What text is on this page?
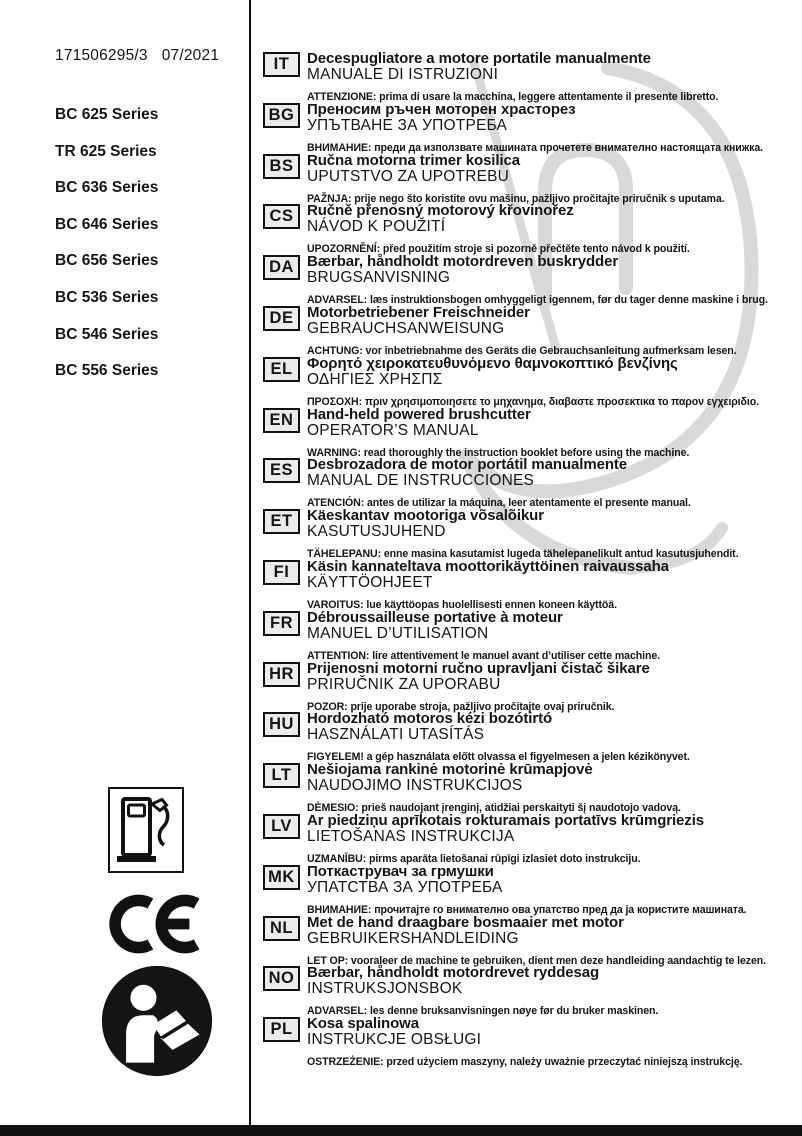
171506295/3 07/2021
BC 625 Series
TR 625 Series
BC 636 Series
BC 646 Series
BC 656 Series
BC 536 Series
BC 546 Series
BC 556 Series
IT	Decespugliatore a motore portatile manualmente
MANUALE DI ISTRUZIONI
ATTENZIONE: prima di usare la macchina, leggere attentamente il presente libretto.
BG Преносим ръчен моторен храсторез
УПЪТВАНЕ ЗА УПОТРЕБА
ВНИМАНИЕ: преди да използвате машината прочетете внимателно настоящата книжка.
BS Ručna motorna trimer kosilica
UPUTSTVO ZA UPOTREBU
PAŽNJA: prije nego što koristite ovu mašinu, pažljivo pročitajte priručnik s uputama.
CS Ručně přenosný motorový křovinořez
NÁVOD K POUŽITÍ
UPOZORNĚNÍ: před použitím stroje si pozorně přečtěte tento návod k použití.
DA Bærbar, håndholdt motordreven buskrydder
BRUGSANVISNING
ADVARSEL: læs instruktionsbogen omhyggeligt igennem, før du tager denne maskine i brug.
DE Motorbetriebener Freischneider
GEBRAUCHSANWEISUNG
ACHTUNG: vor inbetriebnahme des Geräts die Gebrauchsanleitung aufmerksam lesen.
EL Φορητό χειροκατευθυνόμενο θαμνοκοπτικό βενζίνης
ΟΔΗΓΙΕΣ ΧΡΗΣΠΣ
ΠΡΟΣΟΧΗ: πριν χρησιμοποιησετε το μηχανημα, διαβαστε προσεκτικα το παρον εγχειριδιο.
EN Hand-held powered brushcutter
OPERATOR’S MANUAL
WARNING: read thoroughly the instruction booklet before using the machine.
ES Desbrozadora de motor portátil manualmente
MANUAL DE INSTRUCCIONES
ATENCIÓN: antes de utilizar la máquina, leer atentamente el presente manual.
ET Käeskantav mootoriga võsalõikur
KASUTUSJUHEND
TÄHELEPANU: enne masina kasutamist lugeda tähelepanelikult antud kasutusjuhendit.
FI	Käsin kannateltava moottorikäyttöinen raivaussaha
KÄYTTÖOHJEET
VAROITUS: lue käyttöopas huolellisesti ennen koneen käyttöä.
FR Débroussailleuse portative à moteur
MANUEL D’UTILISATION
ATTENTION: lire attentivement le manuel avant d’utiliser cette machine.
HR Prijenosni motorni ručno upravljani čistač šikare
PRIRUČNIK ZA UPORABU
POZOR: prije uporabe stroja, pažljivo pročitajte ovaj priručnik.
HU Hordozható motoros kézi bozótirtó
HASZNÁLATI UTASÍTÁS
FIGYELEM! a gép használata előtt olvassa el figyelmesen a jelen kézikönyvet.
LT	Nešiojama rankinė motorinė krūmapjovė
NAUDOJIMO INSTRUKCIJOS
DĖMESIO: prieš naudojant įrenginį, atidžiai perskaityti šį naudotojo vadovą.
LV	Ar piedziņu aprīkotais rokturamais portatīvs krūmgriezis
LIETOŠANAS INSTRUKCIJA
UZMANĪBU: pirms aparāta lietošanai rūpīgi izlasiet doto instrukciju.
MK Поткаструвач за грмушки
УПАТСТВА ЗА УПОТРЕБА
ВНИМАНИЕ: прочитајте го внимателно ова упатство пред да ја користите машината.
NL Met de hand draagbare bosmaaier met motor
GEBRUIKERSHANDLEIDING
LET OP: vooraleer de machine te gebruiken, dient men deze handleiding aandachtig te lezen.
NO Bærbar, håndholdt motordrevet ryddesag
INSTRUKSJONSBOK
ADVARSEL: les denne bruksanvisningen nøye før du bruker maskinen.
PL Kosa spalinowa
INSTRUKCJE OBSŁUGI
OSTRZEŻENIE: przed użyciem maszyny, należy uważnie przeczytać niniejszą instrukcję.
